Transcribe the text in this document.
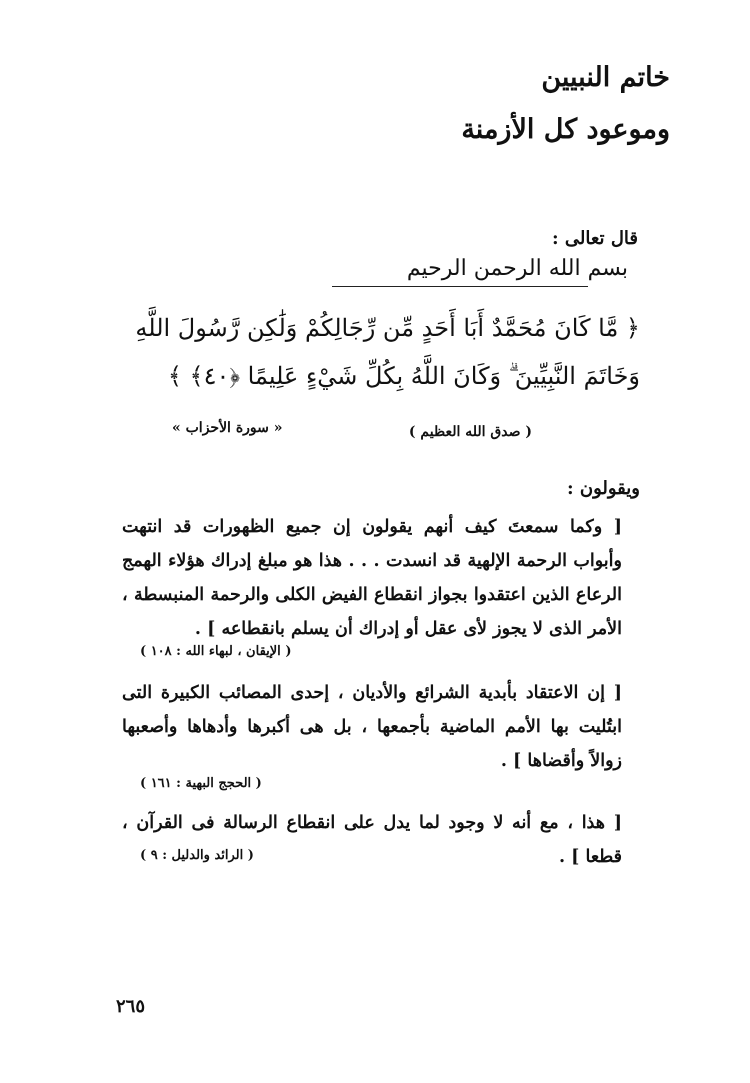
خاتم النبيين
وموعود كل الأزمنة
قال تعالى :
بسم الله الرحمن الرحيم
﴿ مَّا كَانَ مُحَمَّدٌ أَبَا أَحَدٍ مِّن رِّجَالِكُمْ وَلَٰكِن رَّسُولَ اللَّهِ
وَخَاتَمَ النَّبِيِّينَ ۗ وَكَانَ اللَّهُ بِكُلِّ شَيْءٍ عَلِيمًا ﴿٤٠﴾ ﴾
( صدق الله العظيم )
« سورة الأحزاب »
ويقولون :
[ وكما سمعتَ كيف أنهم يقولون إن جميع الظهورات قد انتهت وأبواب الرحمة الإلهية قد انسدت . . . هذا هو مبلغ إدراك هؤلاء الهمج الرعاع الذين اعتقدوا بجواز انقطاع الفيض الكلى والرحمة المنبسطة ، الأمر الذى لا يجوز لأى عقل أو إدراك أن يسلم بانقطاعه ] .
( الإيقان ، لبهاء الله : ١٠٨ )
[ إن الاعتقاد بأبدية الشرائع والأديان ، إحدى المصائب الكبيرة التى ابتُليت بها الأمم الماضية بأجمعها ، بل هى أكبرها وأدهاها وأصعبها زوالاً وأقضاها ] .
( الحجج البهية : ١٦١ )
[ هذا ، مع أنه لا وجود لما يدل على انقطاع الرسالة فى القرآن ، قطعا ] .
( الرائد والدليل : ٩ )
٢٦٥
